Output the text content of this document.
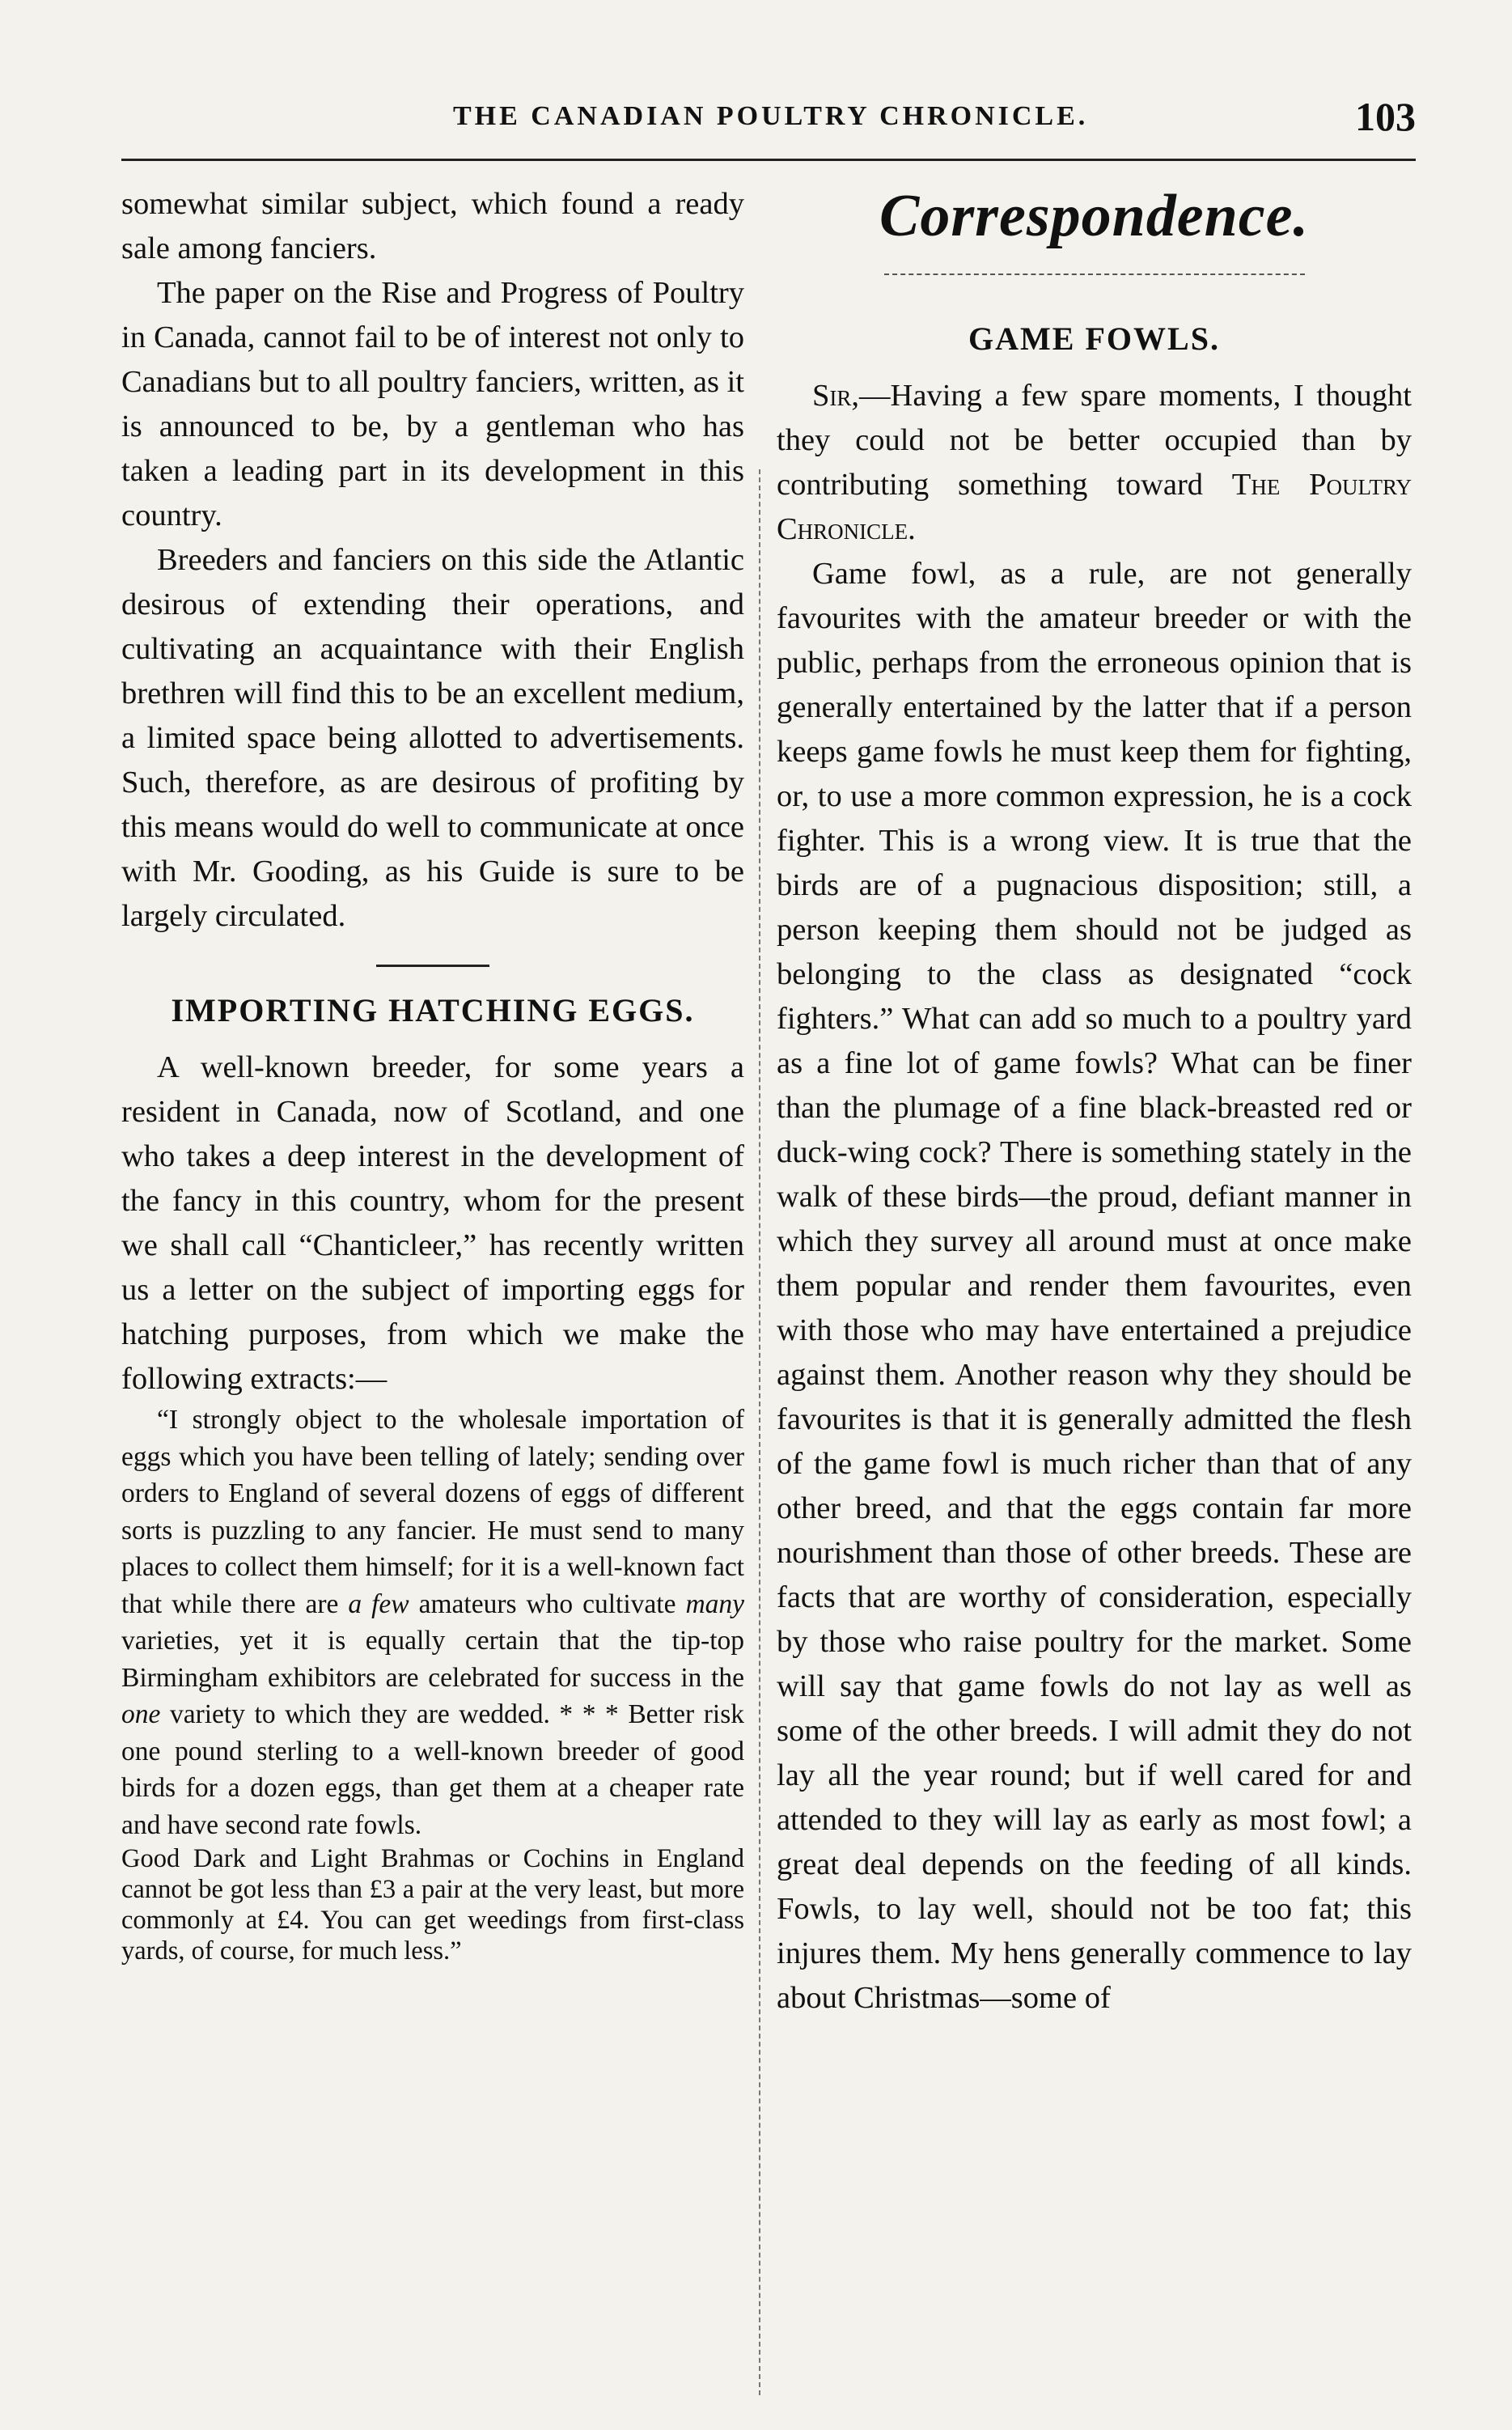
THE CANADIAN POULTRY CHRONICLE.	103

somewhat similar subject, which found a ready sale among fanciers.

The paper on the Rise and Progress of Poultry in Canada, cannot fail to be of interest not only to Canadians but to all poultry fanciers, written, as it is announced to be, by a gentleman who has taken a leading part in its development in this country.

Breeders and fanciers on this side the Atlantic desirous of extending their operations, and cultivating an acquaintance with their English brethren will find this to be an excellent medium, a limited space being allotted to advertisements. Such, therefore, as are desirous of profiting by this means would do well to communicate at once with Mr. Gooding, as his Guide is sure to be largely circulated.

IMPORTING HATCHING EGGS.

A well-known breeder, for some years a resident in Canada, now of Scotland, and one who takes a deep interest in the development of the fancy in this country, whom for the present we shall call “Chanticleer,” has recently written us a letter on the subject of importing eggs for hatching purposes, from which we make the following extracts:—

“I strongly object to the wholesale importation of eggs which you have been telling of lately; sending over orders to England of several dozens of eggs of different sorts is puzzling to any fancier. He must send to many places to collect them himself; for it is a well-known fact that while there are a few amateurs who cultivate many varieties, yet it is equally certain that the tip-top Birmingham exhibitors are celebrated for success in the one variety to which they are wedded. * * * Better risk one pound sterling to a well-known breeder of good birds for a dozen eggs, than get them at a cheaper rate and have second rate fowls.

Good Dark and Light Brahmas or Cochins in England cannot be got less than £3 a pair at the very least, but more commonly at £4. You can get weedings from first-class yards, of course, for much less.”

Correspondence.
GAME FOWLS.

Sir,—Having a few spare moments, I thought they could not be better occupied than by contributing something toward The Poultry Chronicle.

Game fowl, as a rule, are not generally favourites with the amateur breeder or with the public, perhaps from the erroneous opinion that is generally entertained by the latter that if a person keeps game fowls he must keep them for fighting, or, to use a more common expression, he is a cock fighter. This is a wrong view. It is true that the birds are of a pugnacious disposition; still, a person keeping them should not be judged as belonging to the class as designated “cock fighters.” What can add so much to a poultry yard as a fine lot of game fowls? What can be finer than the plumage of a fine black-breasted red or duck-wing cock? There is something stately in the walk of these birds—the proud, defiant manner in which they survey all around must at once make them popular and render them favourites, even with those who may have entertained a prejudice against them. Another reason why they should be favourites is that it is generally admitted the flesh of the game fowl is much richer than that of any other breed, and that the eggs contain far more nourishment than those of other breeds. These are facts that are worthy of consideration, especially by those who raise poultry for the market. Some will say that game fowls do not lay as well as some of the other breeds. I will admit they do not lay all the year round; but if well cared for and attended to they will lay as early as most fowl; a great deal depends on the feeding of all kinds. Fowls, to lay well, should not be too fat; this injures them. My hens generally commence to lay about Christmas—some of
